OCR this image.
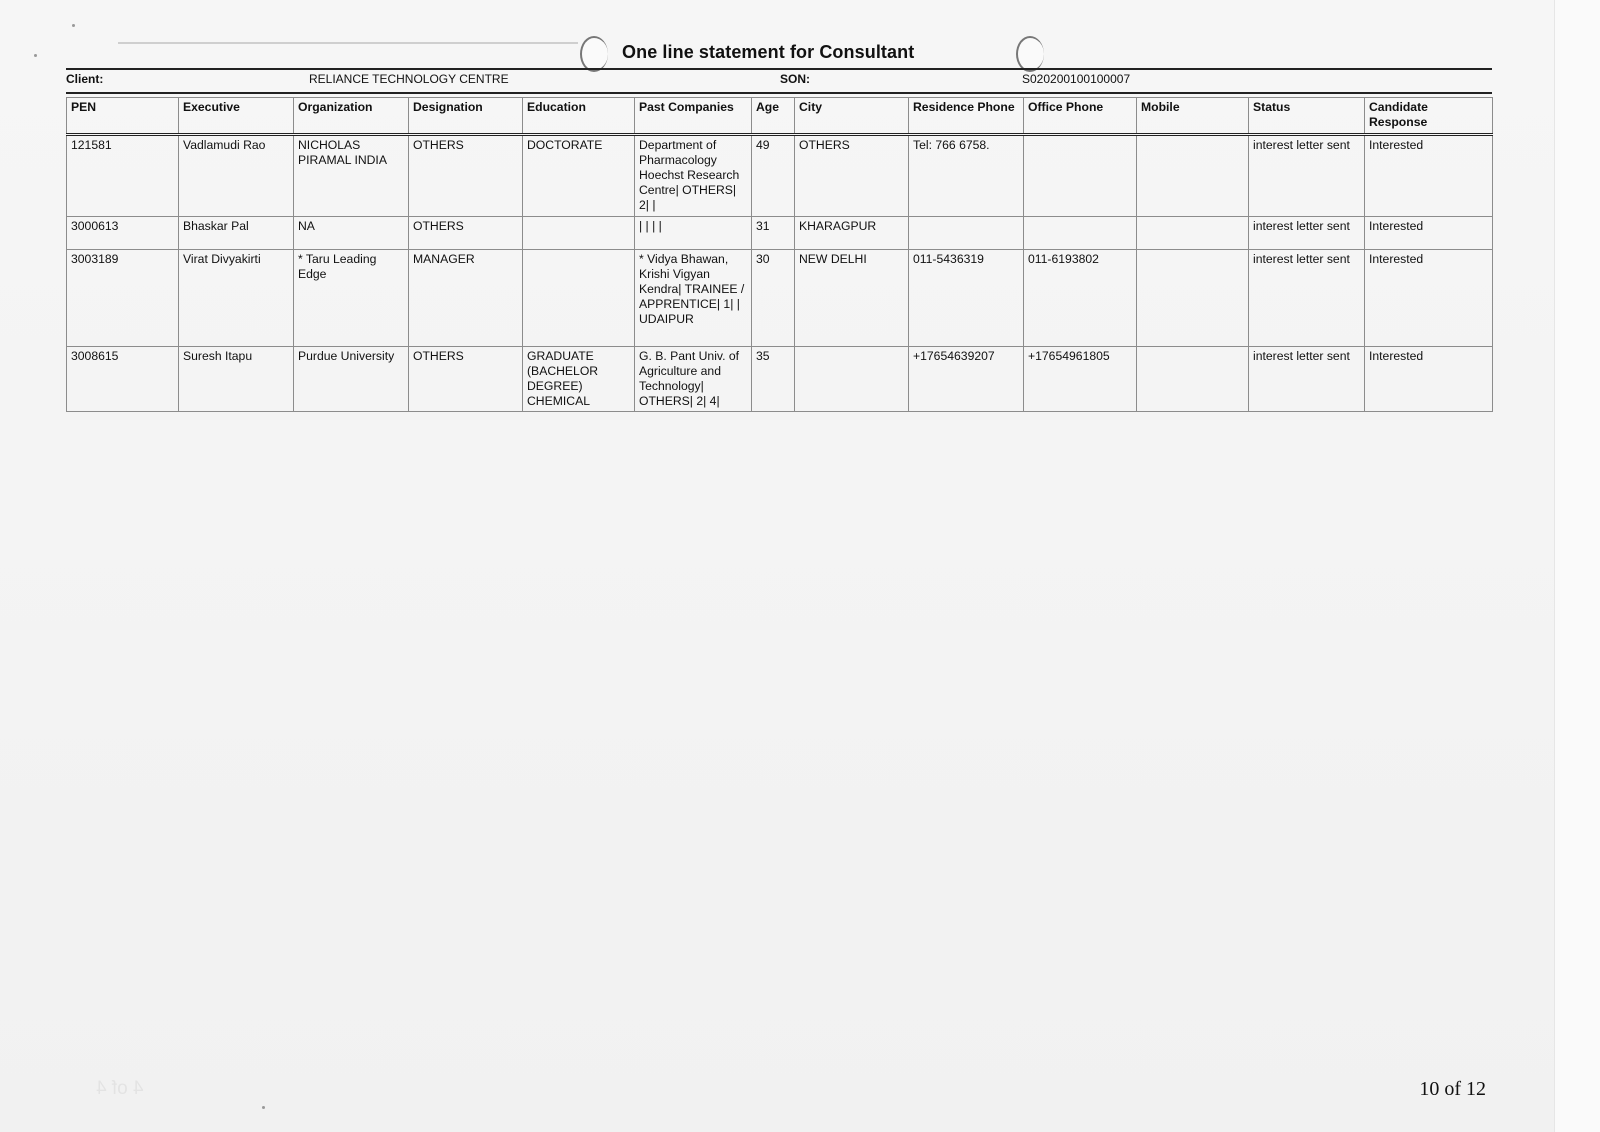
One line statement for Consultant
Client:	RELIANCE TECHNOLOGY CENTRE	SON:	S020200100100007
PEN	Executive	Organization	Designation	Education	Past Companies	Age	City	Residence Phone	Office Phone	Mobile	Status	Candidate Response
121581	Vadlamudi Rao	NICHOLAS PIRAMAL INDIA	OTHERS	DOCTORATE	Department of Pharmacology Hoechst Research Centre| OTHERS| 2| |	49	OTHERS	Tel: 766 6758.			interest letter sent	Interested
3000613	Bhaskar Pal	NA	OTHERS		| | | |	31	KHARAGPUR				interest letter sent	Interested
3003189	Virat Divyakirti	* Taru Leading Edge	MANAGER		* Vidya Bhawan, Krishi Vigyan Kendra| TRAINEE / APPRENTICE| 1| | UDAIPUR	30	NEW DELHI	011-5436319	011-6193802		interest letter sent	Interested
3008615	Suresh Itapu	Purdue University	OTHERS	GRADUATE (BACHELOR DEGREE) CHEMICAL	G. B. Pant Univ. of Agriculture and Technology| OTHERS| 2| 4|	35		+17654639207	+17654961805		interest letter sent	Interested
4 of 4	10 of 12
